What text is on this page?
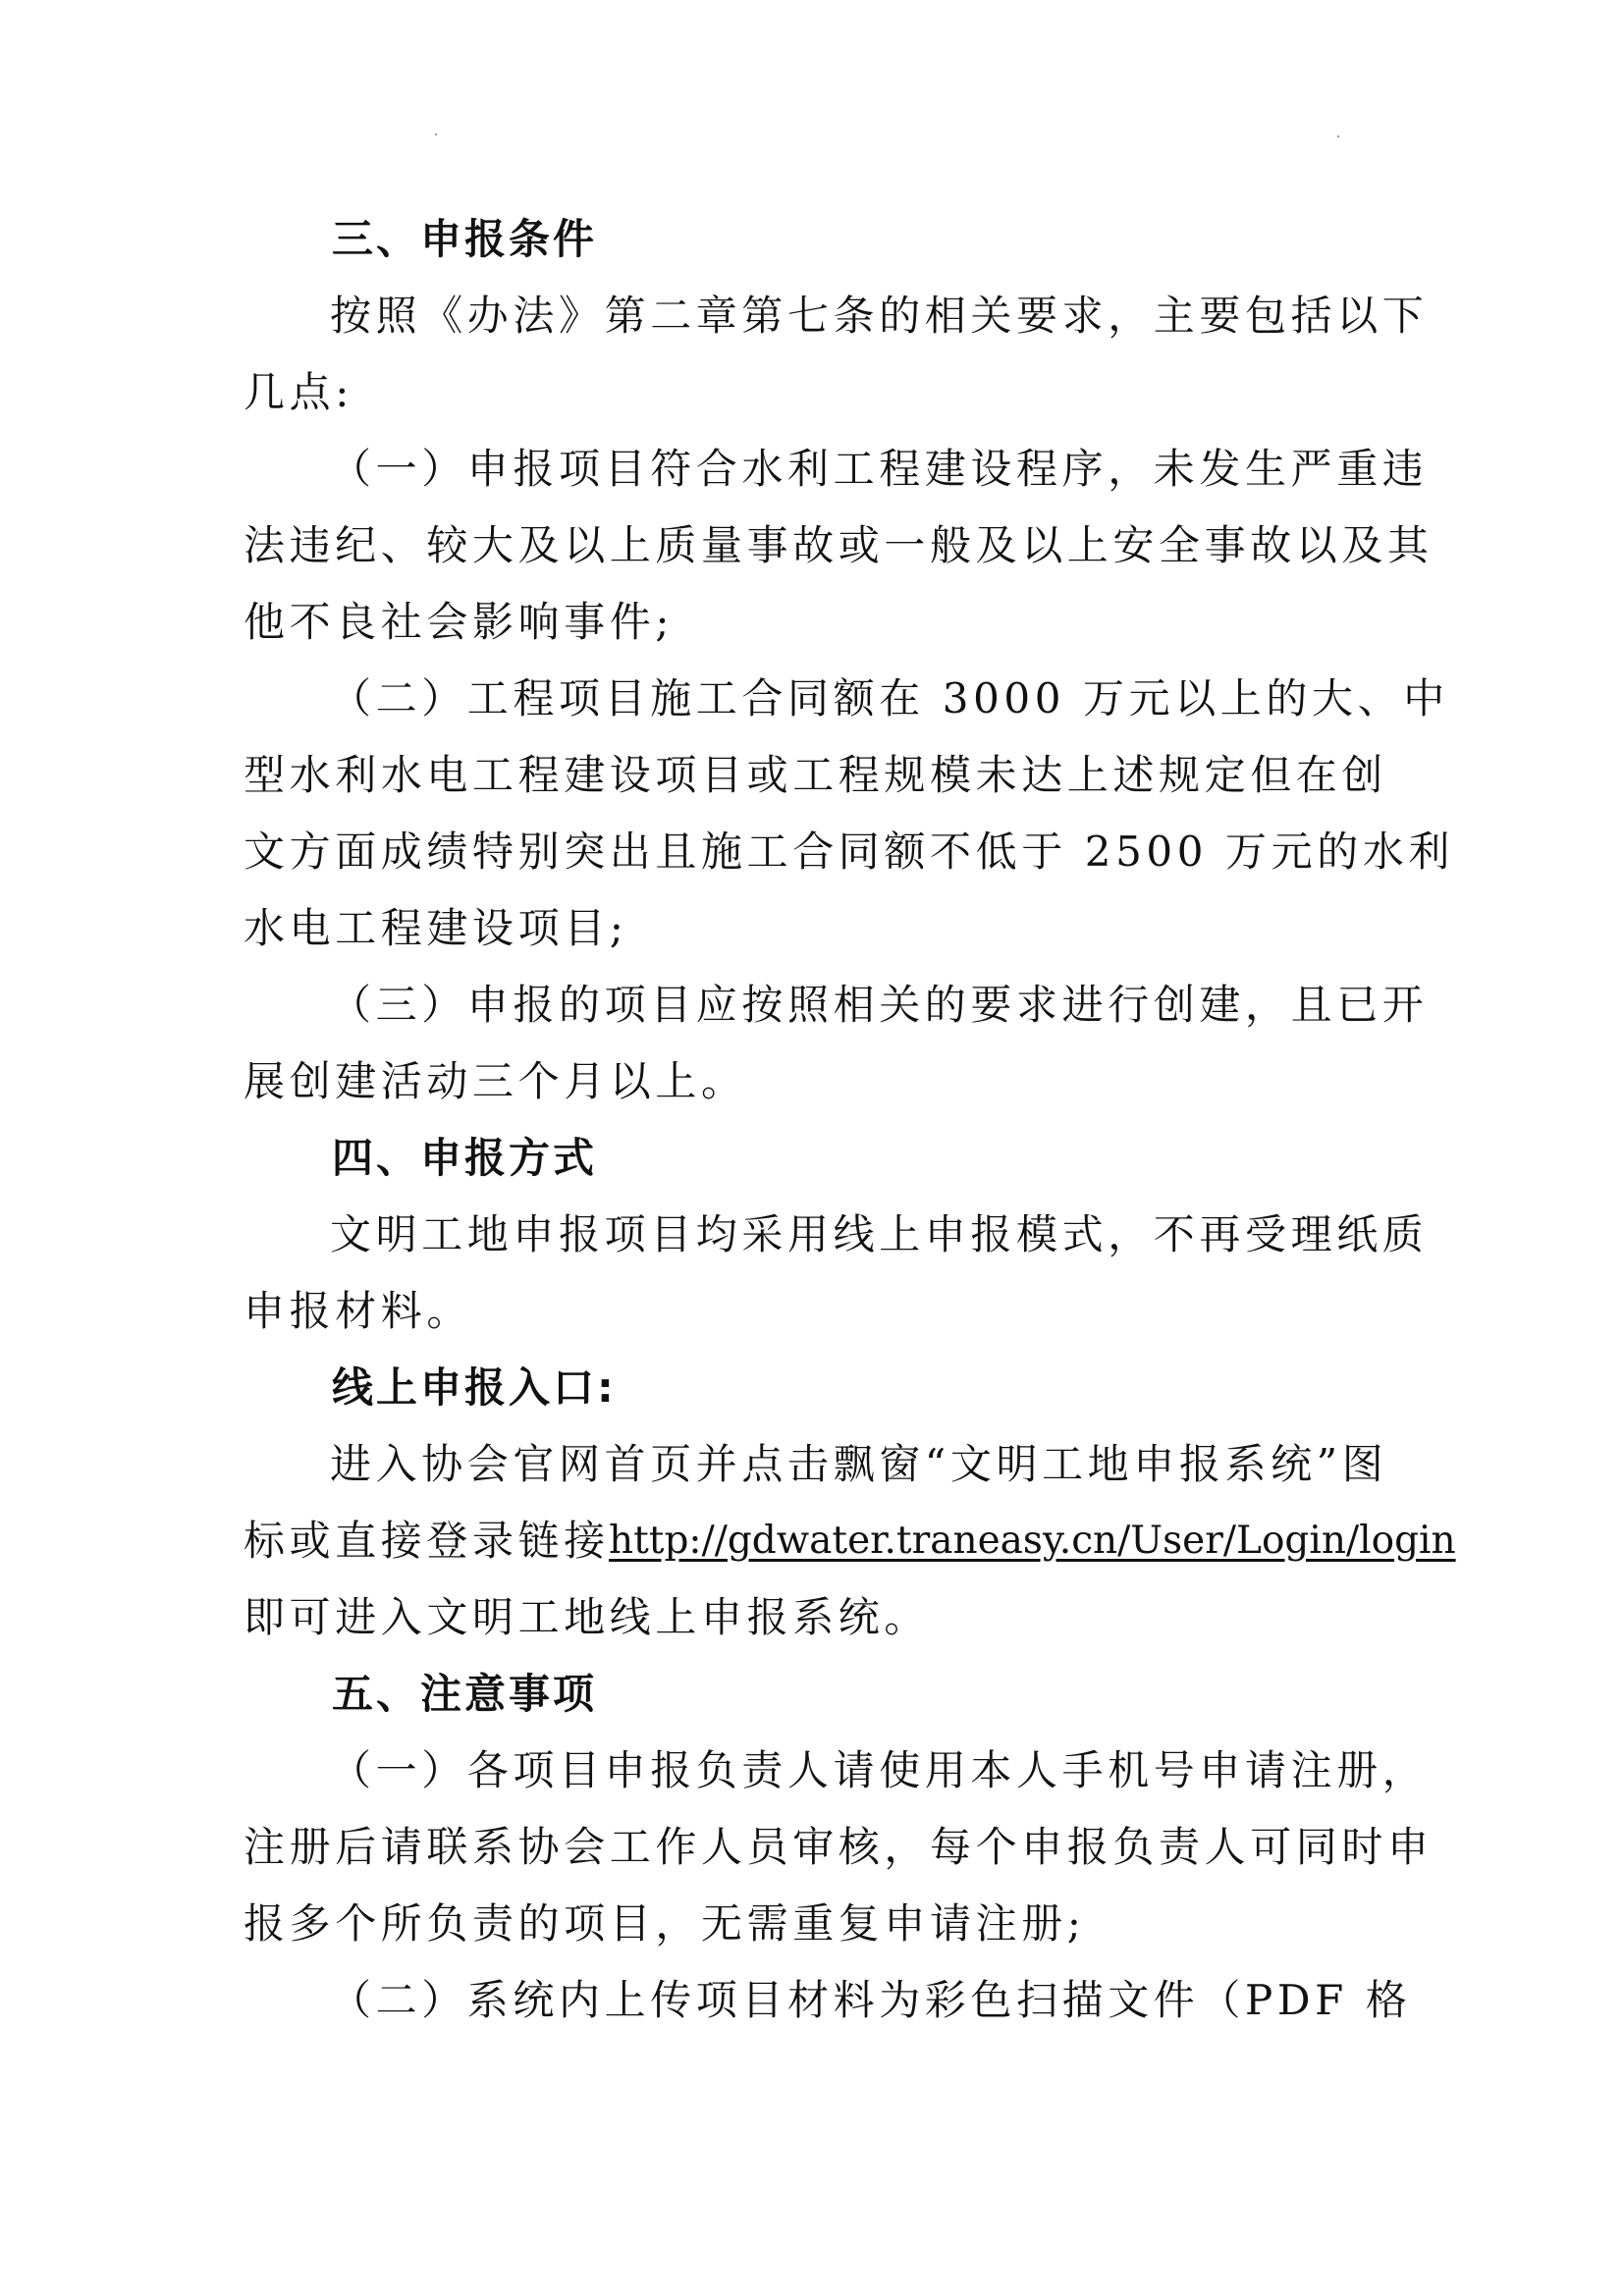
三、申报条件
按照《办法》第二章第七条的相关要求，主要包括以下
几点:
（一）申报项目符合水利工程建设程序，未发生严重违
法违纪、较大及以上质量事故或一般及以上安全事故以及其
他不良社会影响事件;
（二）工程项目施工合同额在 3000 万元以上的大、中
型水利水电工程建设项目或工程规模未达上述规定但在创
文方面成绩特别突出且施工合同额不低于 2500 万元的水利
水电工程建设项目;
（三）申报的项目应按照相关的要求进行创建，且已开
展创建活动三个月以上。
四、申报方式
文明工地申报项目均采用线上申报模式，不再受理纸质
申报材料。
线上申报入口:
进入协会官网首页并点击飘窗“文明工地申报系统”图
标或直接登录链接 http://gdwater.traneasy.cn/User/Login/login
即可进入文明工地线上申报系统。
五、注意事项
（一）各项目申报负责人请使用本人手机号申请注册，
注册后请联系协会工作人员审核，每个申报负责人可同时申
报多个所负责的项目，无需重复申请注册;
（二）系统内上传项目材料为彩色扫描文件（PDF 格
